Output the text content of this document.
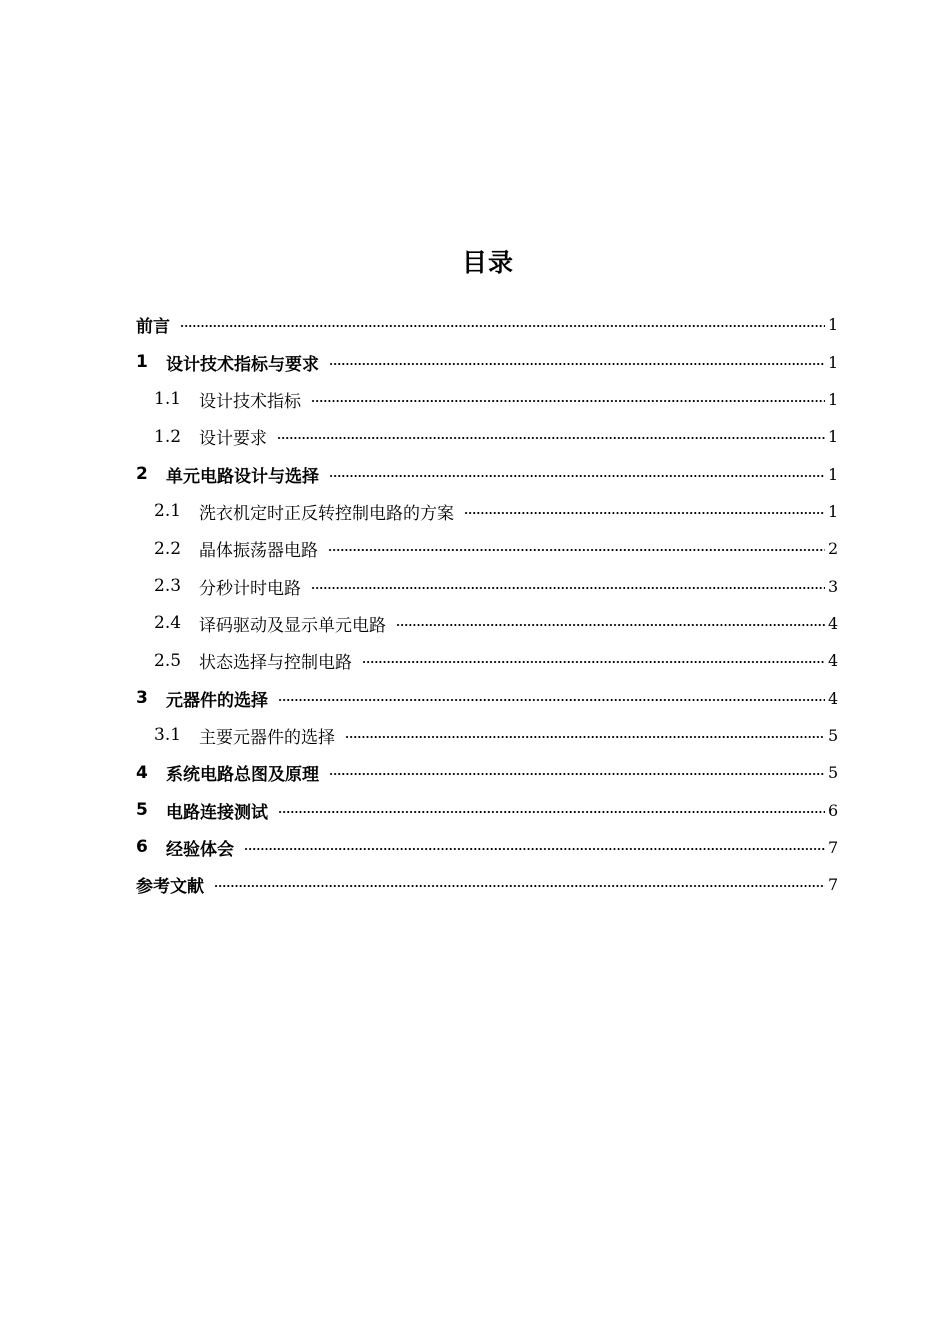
目录
前言	1
1	设计技术指标与要求	1
1.1	设计技术指标	1
1.2	设计要求	1
2	单元电路设计与选择	1
2.1	洗衣机定时正反转控制电路的方案	1
2.2	晶体振荡器电路	2
2.3	分秒计时电路	3
2.4	译码驱动及显示单元电路	4
2.5	状态选择与控制电路	4
3	元器件的选择	4
3.1	主要元器件的选择	5
4	系统电路总图及原理	5
5	电路连接测试	6
6	经验体会	7
参考文献	7
